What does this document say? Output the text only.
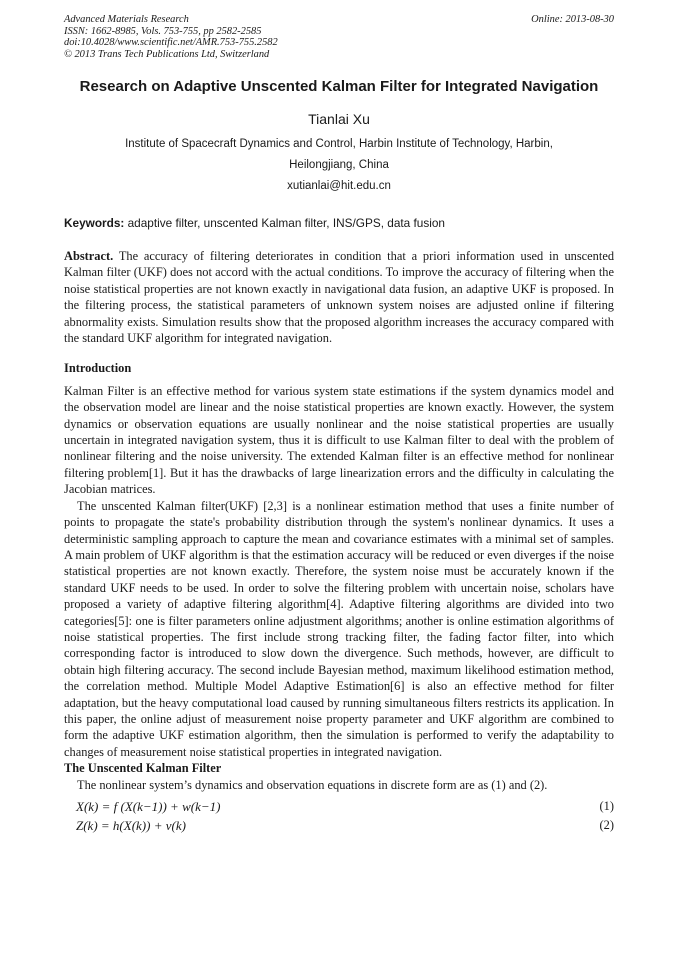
Advanced Materials Research
ISSN: 1662-8985, Vols. 753-755, pp 2582-2585
doi:10.4028/www.scientific.net/AMR.753-755.2582
© 2013 Trans Tech Publications Ltd, Switzerland
Online: 2013-08-30
Research on Adaptive Unscented Kalman Filter for Integrated Navigation
Tianlai Xu
Institute of Spacecraft Dynamics and Control, Harbin Institute of Technology, Harbin,
Heilongjiang, China
xutianlai@hit.edu.cn
Keywords: adaptive filter, unscented Kalman filter, INS/GPS, data fusion
Abstract. The accuracy of filtering deteriorates in condition that a priori information used in unscented Kalman filter (UKF) does not accord with the actual conditions. To improve the accuracy of filtering when the noise statistical properties are not known exactly in navigational data fusion, an adaptive UKF is proposed. In the filtering process, the statistical parameters of unknown system noises are adjusted online if filtering abnormality exists. Simulation results show that the proposed algorithm increases the accuracy compared with the standard UKF algorithm for integrated navigation.
Introduction
Kalman Filter is an effective method for various system state estimations if the system dynamics model and the observation model are linear and the noise statistical properties are known exactly. However, the system dynamics or observation equations are usually nonlinear and the noise statistical properties are usually uncertain in integrated navigation system, thus it is difficult to use Kalman filter to deal with the problem of nonlinear filtering and the noise university. The extended Kalman filter is an effective method for nonlinear filtering problem[1]. But it has the drawbacks of large linearization errors and the difficulty in calculating the Jacobian matrices.
The unscented Kalman filter(UKF) [2,3] is a nonlinear estimation method that uses a finite number of points to propagate the state's probability distribution through the system's nonlinear dynamics. It uses a deterministic sampling approach to capture the mean and covariance estimates with a minimal set of samples. A main problem of UKF algorithm is that the estimation accuracy will be reduced or even diverges if the noise statistical properties are not known exactly. Therefore, the system noise must be accurately known if the standard UKF needs to be used. In order to solve the filtering problem with uncertain noise, scholars have proposed a variety of adaptive filtering algorithm[4]. Adaptive filtering algorithms are divided into two categories[5]: one is filter parameters online adjustment algorithms; another is online estimation algorithms of noise statistical properties. The first include strong tracking filter, the fading factor filter, into which corresponding factor is introduced to slow down the divergence. Such methods, however, are difficult to obtain high filtering accuracy. The second include Bayesian method, maximum likelihood estimation method, the correlation method. Multiple Model Adaptive Estimation[6] is also an effective method for filter adaptation, but the heavy computational load caused by running simultaneous filters restricts its application. In this paper, the online adjust of measurement noise property parameter and UKF algorithm are combined to form the adaptive UKF estimation algorithm, then the simulation is performed to verify the adaptability to changes of measurement noise statistical properties in integrated navigation.
The Unscented Kalman Filter
The nonlinear system’s dynamics and observation equations in discrete form are as (1) and (2).
X(k) = f (X(k−1)) + w(k−1)	(1)
Z(k) = h(X(k)) + v(k)	(2)
